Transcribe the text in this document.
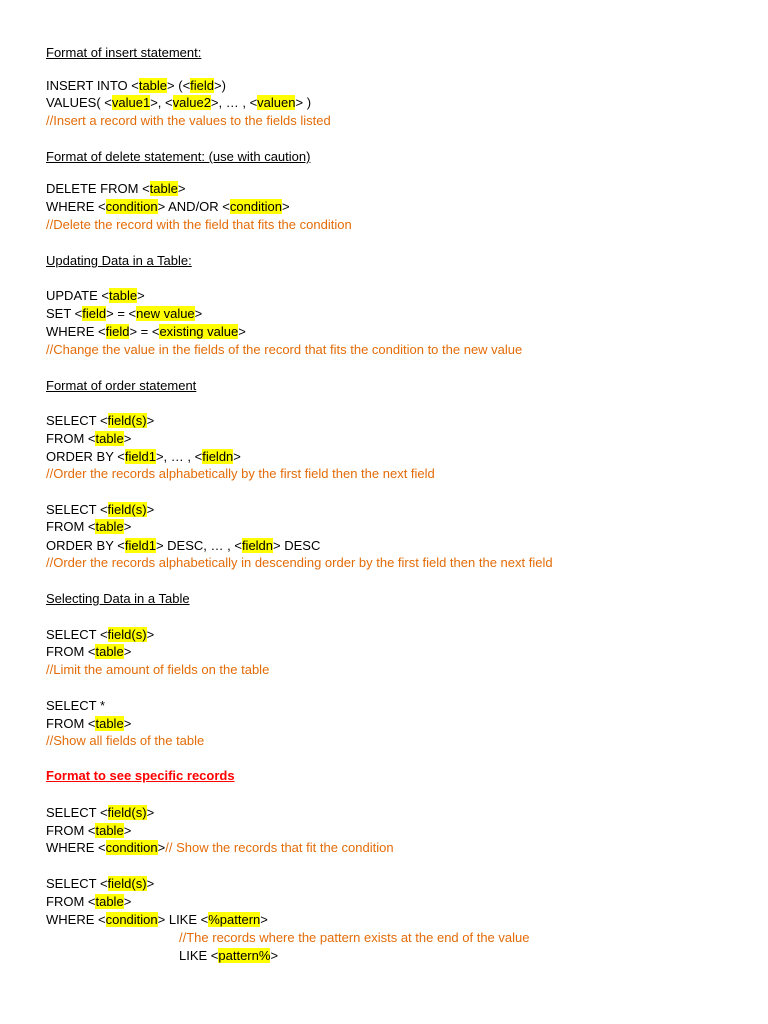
Format of insert statement:
INSERT INTO <table> (<field>)
VALUES( <value1>, <value2>, … , <valuen> )
//Insert a record with the values to the fields listed
Format of delete statement: (use with caution)
DELETE FROM <table>
WHERE <condition> AND/OR <condition>
//Delete the record with the field that fits the condition
Updating Data in a Table:
UPDATE <table>
SET <field> = <new value>
WHERE <field> = <existing value>
//Change the value in the fields of the record that fits the condition to the new value
Format of order statement
SELECT <field(s)>
FROM <table>
ORDER BY <field1>, … , <fieldn>
//Order the records alphabetically by the first field then the next field
SELECT <field(s)>
FROM <table>
ORDER BY <field1> DESC, … , <fieldn> DESC
//Order the records alphabetically in descending order by the first field then the next field
Selecting Data in a Table
SELECT <field(s)>
FROM <table>
//Limit the amount of fields on the table
SELECT *
FROM <table>
//Show all fields of the table
Format to see specific records
SELECT <field(s)>
FROM <table>
WHERE <condition>// Show the records that fit the condition
SELECT <field(s)>
FROM <table>
WHERE <condition> LIKE <%pattern>
//The records where the pattern exists at the end of the value
LIKE <pattern%>
